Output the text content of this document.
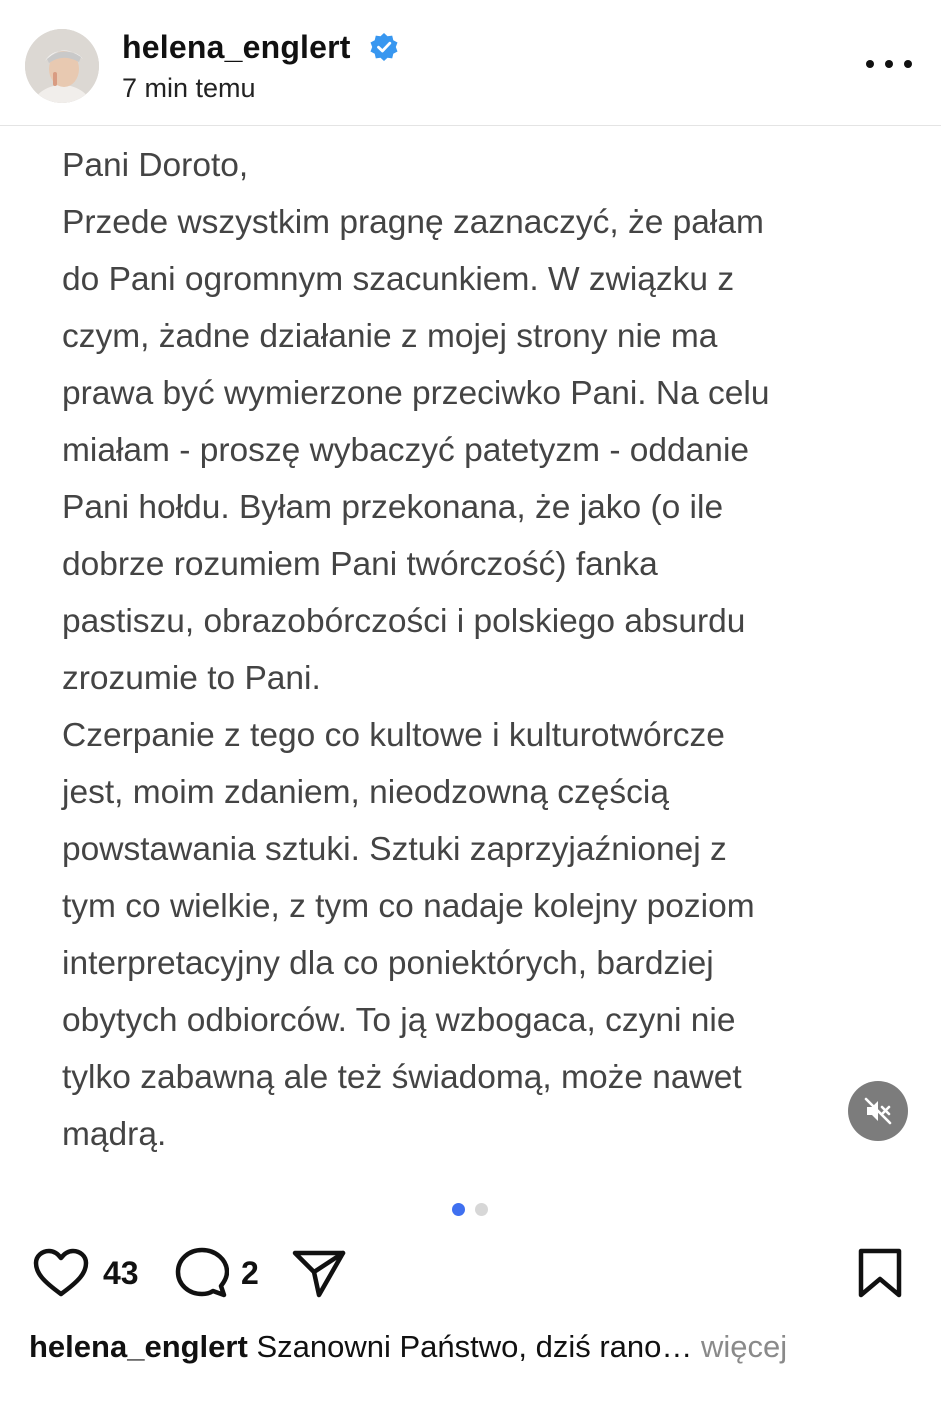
helena_englert
7 min temu

Pani Doroto,

Przede wszystkim pragnę zaznaczyć, że pałam

do Pani ogromnym szacunkiem. W związku z

czym, żadne działanie z mojej strony nie ma

prawa być wymierzone przeciwko Pani. Na celu

miałam - proszę wybaczyć patetyzm - oddanie

Pani hołdu. Byłam przekonana, że jako (o ile

dobrze rozumiem Pani twórczość) fanka

pastiszu, obrazobórczości i polskiego absurdu

zrozumie to Pani.

Czerpanie z tego co kultowe i kulturotwórcze

jest, moim zdaniem, nieodzowną częścią

powstawania sztuki. Sztuki zaprzyjaźnionej z

tym co wielkie, z tym co nadaje kolejny poziom

interpretacyjny dla co poniektórych, bardziej

obytych odbiorców. To ją wzbogaca, czyni nie

tylko zabawną ale też świadomą, może nawet

mądrą.

43	2
helena_englert Szanowni Państwo, dziś rano… więcej
